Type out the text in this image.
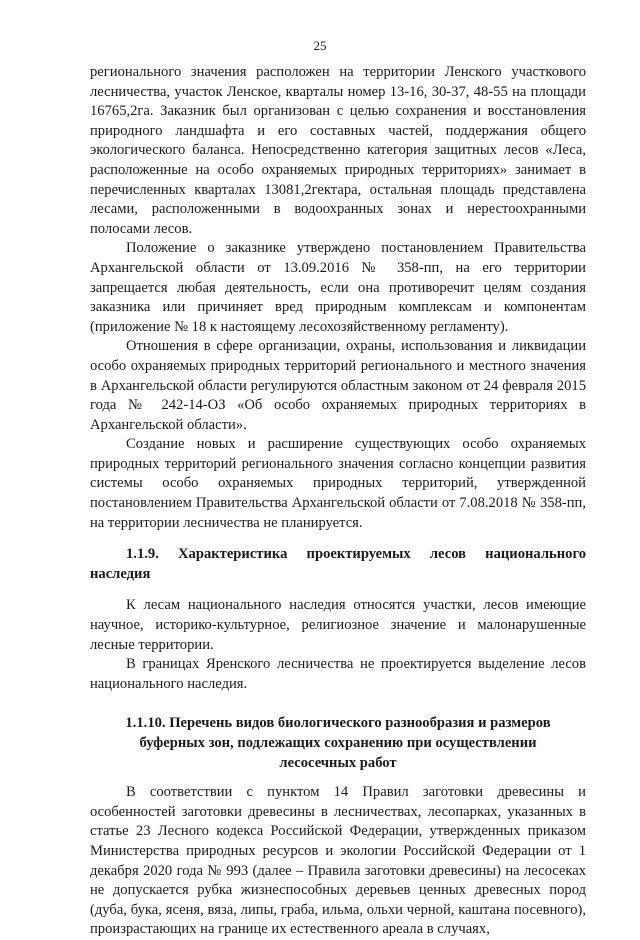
25

регионального значения расположен на территории Ленского участкового лесничества, участок Ленское, кварталы номер 13-16, 30-37, 48-55 на площади 16765,2га. Заказник был организован с целью сохранения и восстановления природного ландшафта и его составных частей, поддержания общего экологического баланса. Непосредственно категория защитных лесов «Леса, расположенные на особо охраняемых природных территориях» занимает в перечисленных кварталах 13081,2гектара, остальная площадь представлена лесами, расположенными в водоохранных зонах и нерестоохранными полосами лесов.

Положение о заказнике утверждено постановлением Правительства Архангельской области от 13.09.2016 № 358-пп, на его территории запрещается любая деятельность, если она противоречит целям создания заказника или причиняет вред природным комплексам и компонентам (приложение № 18 к настоящему лесохозяйственному регламенту).

Отношения в сфере организации, охраны, использования и ликвидации особо охраняемых природных территорий регионального и местного значения в Архангельской области регулируются областным законом от 24 февраля 2015 года № 242-14-ОЗ «Об особо охраняемых природных территориях в Архангельской области».

Создание новых и расширение существующих особо охраняемых природных территорий регионального значения согласно концепции развития системы особо охраняемых природных территорий, утвержденной постановлением Правительства Архангельской области от 7.08.2018 № 358-пп, на территории лесничества не планируется.

1.1.9. Характеристика проектируемых лесов национального наследия

К лесам национального наследия относятся участки, лесов имеющие научное, историко-культурное, религиозное значение и малонарушенные лесные территории.

В границах Яренского лесничества не проектируется выделение лесов национального наследия.

1.1.10. Перечень видов биологического разнообразия и размеров буферных зон, подлежащих сохранению при осуществлении лесосечных работ

В соответствии с пунктом 14 Правил заготовки древесины и особенностей заготовки древесины в лесничествах, лесопарках, указанных в статье 23 Лесного кодекса Российской Федерации, утвержденных приказом Министерства природных ресурсов и экологии Российской Федерации от 1 декабря 2020 года № 993 (далее – Правила заготовки древесины) на лесосеках не допускается рубка жизнеспособных деревьев ценных древесных пород (дуба, бука, ясеня, вяза, липы, граба, ильма, ольхи черной, каштана посевного), произрастающих на границе их естественного ареала в случаях,
